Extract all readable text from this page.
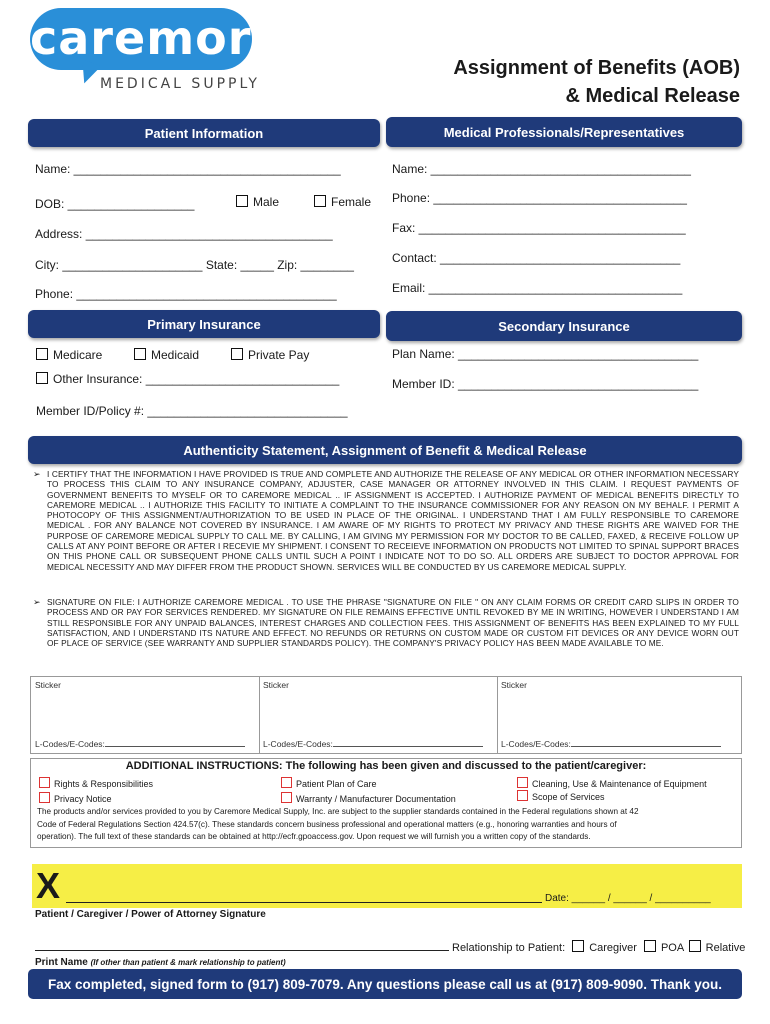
caremore
MEDICAL SUPPLY
Assignment of Benefits (AOB)
& Medical Release
Patient Information	Medical Professionals/Representatives
Name: ________________________________________
DOB: ___________________	Male	Female
Address: _____________________________________
City: _____________________ State: _____ Zip: ________
Phone: _______________________________________
Name: _______________________________________
Phone: ______________________________________
Fax: ________________________________________
Contact: ____________________________________
Email: ______________________________________
Primary Insurance	Secondary Insurance
Medicare	Medicaid	Private Pay
Other Insurance: _____________________________
Member ID/Policy #: ______________________________
Plan Name: ____________________________________
Member ID: ____________________________________
Authenticity Statement, Assignment of Benefit & Medical Release
➢ I CERTIFY THAT THE INFORMATION I HAVE PROVIDED IS TRUE AND COMPLETE AND AUTHORIZE THE RELEASE OF ANY MEDICAL OR OTHER INFORMATION NECESSARY TO PROCESS THIS CLAIM TO ANY INSURANCE COMPANY, ADJUSTER, CASE MANAGER OR ATTORNEY INVOLVED IN THIS CLAIM. I REQUEST PAYMENTS OF GOVERNMENT BENEFITS TO MYSELF OR TO CAREMORE MEDICAL .. IF ASSIGNMENT IS ACCEPTED. I AUTHORIZE PAYMENT OF MEDICAL BENEFITS DIRECTLY TO CAREMORE MEDICAL .. I AUTHORIZE THIS FACILITY TO INITIATE A COMPLAINT TO THE INSURANCE COMMISSIONER FOR ANY REASON ON MY BEHALF. I PERMIT A PHOTOCOPY OF THIS ASSIGNMENT/AUTHORIZATION TO BE USED IN PLACE OF THE ORIGINAL. I UNDERSTAND THAT I AM FULLY RESPONSIBLE TO CAREMORE MEDICAL . FOR ANY BALANCE NOT COVERED BY INSURANCE. I AM AWARE OF MY RIGHTS TO PROTECT MY PRIVACY AND THESE RIGHTS ARE WAIVED FOR THE PURPOSE OF CAREMORE MEDICAL SUPPLY TO CALL ME. BY CALLING, I AM GIVING MY PERMISSION FOR MY DOCTOR TO BE CALLED, FAXED, & RECEIVE FOLLOW UP CALLS AT ANY POINT BEFORE OR AFTER I RECEVIE MY SHIPMENT. I CONSENT TO RECEIEVE INFORMATION ON PRODUCTS NOT LIMITED TO SPINAL SUPPORT BRACES ON THIS PHONE CALL OR SUBSEQUENT PHONE CALLS UNTIL SUCH A POINT I INDICATE NOT TO DO SO. ALL ORDERS ARE SUBJECT TO DOCTOR APPROVAL FOR MEDICAL NECESSITY AND MAY DIFFER FROM THE PRODUCT SHOWN. SERVICES WILL BE CONDUCTED BY US CAREMORE MEDICAL SUPPLY.
➢ SIGNATURE ON FILE: I AUTHORIZE CAREMORE MEDICAL . TO USE THE PHRASE "SIGNATURE ON FILE " ON ANY CLAIM FORMS OR CREDIT CARD SLIPS IN ORDER TO PROCESS AND OR PAY FOR SERVICES RENDERED. MY SIGNATURE ON FILE REMAINS EFFECTIVE UNTIL REVOKED BY ME IN WRITING, HOWEVER I UNDERSTAND I AM STILL RESPONSIBLE FOR ANY UNPAID BALANCES, INTEREST CHARGES AND COLLECTION FEES. THIS ASSIGNMENT OF BENEFITS HAS BEEN EXPLAINED TO MY FULL SATISFACTION, AND I UNDERSTAND ITS NATURE AND EFFECT. NO REFUNDS OR RETURNS ON CUSTOM MADE OR CUSTOM FIT DEVICES OR ANY DEVICE WORN OUT OF PLACE OF SERVICE (SEE WARRANTY AND SUPPLIER STANDARDS POLICY). THE COMPANY'S PRIVACY POLICY HAS BEEN MADE AVAILABLE TO ME.
Sticker
L-Codes/E-Codes:
Sticker
L-Codes/E-Codes:
Sticker
L-Codes/E-Codes:
ADDITIONAL INSTRUCTIONS: The following has been given and discussed to the patient/caregiver:
Rights & Responsibilities	Patient Plan of Care	Cleaning, Use & Maintenance of Equipment
Privacy Notice	Warranty / Manufacturer Documentation	Scope of Services
The products and/or services provided to you by Caremore Medical Supply, Inc. are subject to the supplier standards contained in the Federal regulations shown at 42
Code of Federal Regulations Section 424.57(c). These standards concern business professional and operational matters (e.g., honoring warranties and hours of
operation). The full text of these standards can be obtained at http://ecfr.gpoaccess.gov. Upon request we will furnish you a written copy of the standards.
X	Date: ______ / ______ / __________
Patient / Caregiver / Power of Attorney Signature
Relationship to Patient: Caregiver POA Relative
Print Name (If other than patient & mark relationship to patient)
Fax completed, signed form to (917) 809-7079. Any questions please call us at (917) 809-9090. Thank you.
